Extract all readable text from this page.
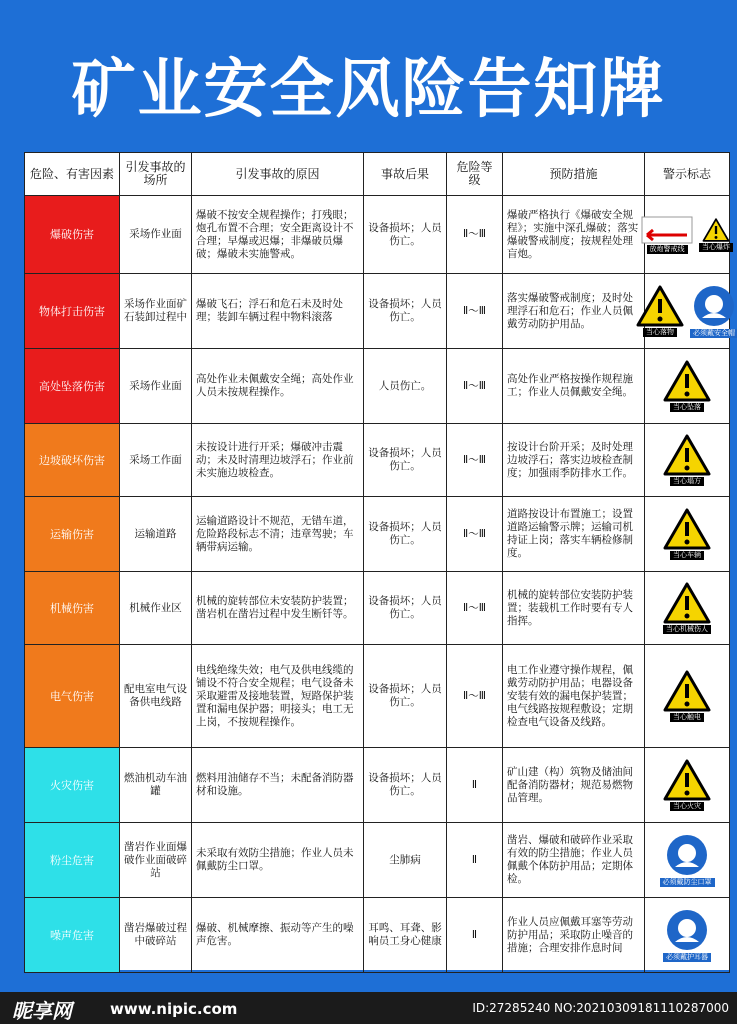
矿业安全风险告知牌
危险、有害因素	引发事故的场所	引发事故的原因	事故后果	危险等级	预防措施	警示标志
爆破伤害	采场作业面	爆破不按安全规程操作；打残眼；炮孔布置不合理；安全距离设计不合理；早爆或迟爆；非爆破员爆破；爆破未实施警戒。	设备损坏；人员伤亡。	Ⅱ～Ⅲ	爆破严格执行《爆破安全规程》；实施中深孔爆破；落实爆破警戒制度；按规程处理盲炮。	放炮警戒线 当心爆炸

物体打击伤害	采场作业面矿石装卸过程中	爆破飞石；浮石和危石未及时处理；装卸车辆过程中物料滚落	设备损坏；人员伤亡。	Ⅱ～Ⅲ	落实爆破警戒制度；及时处理浮石和危石；作业人员佩戴劳动防护用品。	当心落物 必须戴安全帽

高处坠落伤害	采场作业面	高处作业未佩戴安全绳；高处作业人员未按规程操作。	人员伤亡。	Ⅱ～Ⅲ	高处作业严格按操作规程施工；作业人员佩戴安全绳。	当心坠落

边坡破坏伤害	采场工作面	未按设计进行开采；爆破冲击震动；未及时清理边坡浮石；作业前未实施边坡检查。	设备损坏；人员伤亡。	Ⅱ～Ⅲ	按设计台阶开采；及时处理边坡浮石；落实边坡检查制度；加强雨季防排水工作。	当心塌方

运输伤害	运输道路	运输道路设计不规范，无错车道，危险路段标志不清；违章驾驶；车辆带病运输。	设备损坏；人员伤亡。	Ⅱ～Ⅲ	道路按设计布置施工；设置道路运输警示牌；运输司机持证上岗；落实车辆检修制度。	当心车辆

机械伤害	机械作业区	机械的旋转部位未安装防护装置；凿岩机在凿岩过程中发生断钎等。	设备损坏；人员伤亡。	Ⅱ～Ⅲ	机械的旋转部位安装防护装置；装载机工作时要有专人指挥。	当心机械伤人

电气伤害	配电室电气设备供电线路	电线绝缘失效；电气及供电线缆的铺设不符合安全规程；电气设备未采取避雷及接地装置，短路保护装置和漏电保护器；明接头；电工无上岗，不按规程操作。	设备损坏；人员伤亡。	Ⅱ～Ⅲ	电工作业遵守操作规程，佩戴劳动防护用品；电器设备安装有效的漏电保护装置；电气线路按规程敷设；定期检查电气设备及线路。	当心触电

火灾伤害	燃油机动车油罐	燃料用油储存不当；未配备消防器材和设施。	设备损坏；人员伤亡。	Ⅱ	矿山建（构）筑物及储油间配备消防器材；规范易燃物品管理。	当心火灾

粉尘危害	凿岩作业面爆破作业面破碎站	未采取有效防尘措施；作业人员未佩戴防尘口罩。	尘肺病	Ⅱ	凿岩、爆破和破碎作业采取有效的防尘措施；作业人员佩戴个体防护用品；定期体检。	必须戴防尘口罩

噪声危害	凿岩爆破过程中破碎站	爆破、机械摩擦、振动等产生的噪声危害。	耳鸣、耳聋、影响员工身心健康	Ⅱ	作业人员应佩戴耳塞等劳动防护用品；采取防止噪音的措施；合理安排作息时间	必须戴护耳器
昵享网	www.nipic.com	ID:27285240 NO:20210309181110287000
